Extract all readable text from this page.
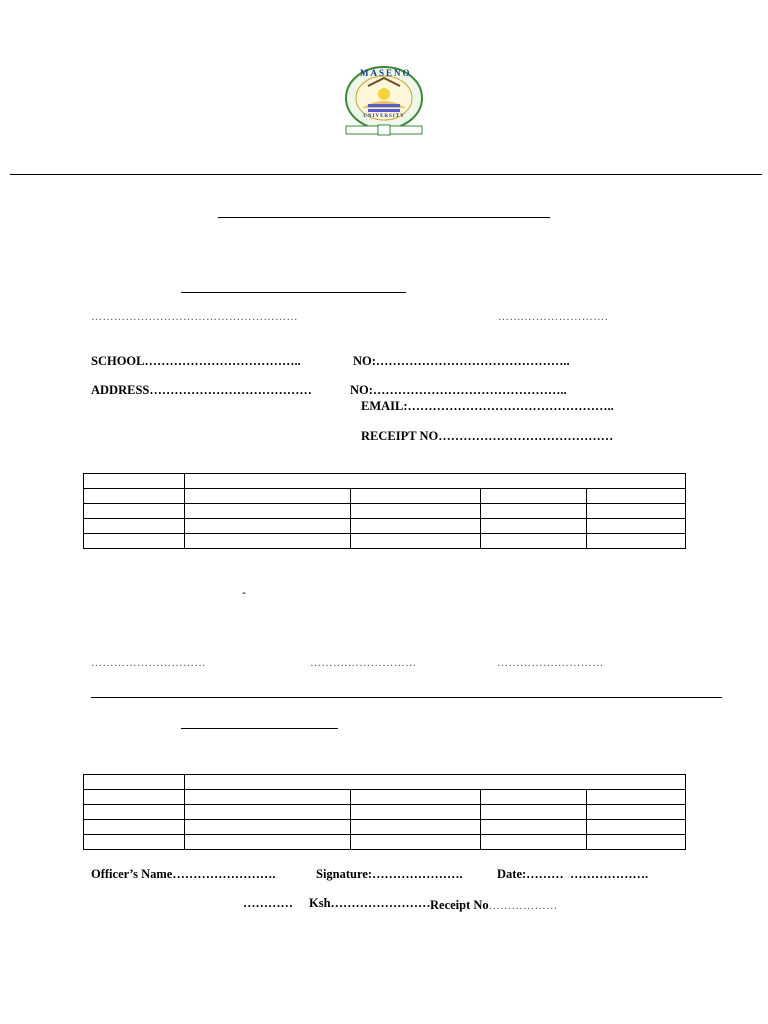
MASENO
UNIVERSITY
………………………………………………	…….………………….
SCHOOL………………………………..	NO:………………………………………..
ADDRESS…………………………………	NO:………………………………………..
EMAIL:…………………………………………..
RECEIPT NO……………………………………

-
…………………………	……….………………	…………….…………

Officer’s Name…………………….	Signature:………………….	Date:……… ……………….
………… Ksh…………………… Receipt No………………
